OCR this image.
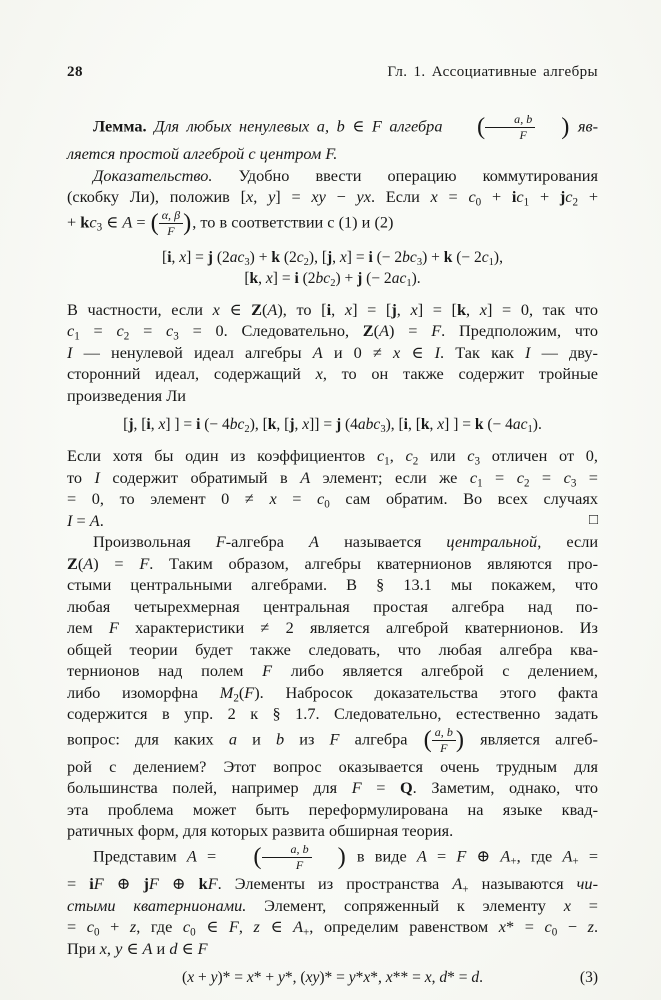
28	Гл. 1. Ассоциативные алгебры
Лемма. Для любых ненулевых a, b ∈ F алгебра	(	a, b
F	) яв-
ляется простой алгеброй с центром F.
Доказательство. Удобно ввести операцию коммутирования
(скобку Ли), положив [x, y] = xy − yx. Если $x = c_0 + ic_1 + jc_2$ +
+ $kc_3$ ∈ A = ( α, β
F ) , то в соответствии с (1) и (2)
[i, x] = j $(2ac_3) + k$ $(2c_2)$, [j, x] = i (− $2bc_3) + k$ (− $2c_1$),
[k, x] = i $(2bc_2) + j$ (− $2ac_1$).
В частности, если x ∈ Z(A), то [i, x] = [j, x] = [k, x] = 0, так что
$c_1 = c_2 = c_3 = 0$. Следовательно, Z(A) = F. Предположим, что
I — ненулевой идеал алгебры A и 0 ≠ x ∈ I. Так как I — дву-
сторонний идеал, содержащий x, то он также содержит тройные
произведения Ли
[j, [i, x] ] = i (− $4bc_2$), [k, [j, x]] = j (4abc$_3$), [i, [k, x] ] = k (− $4ac_1$).
Если хотя бы один из коэффициентов $c_1$, $c_2$ или $c_3$ отличен от 0,
то I содержит обратимый в A элемент; если же $c_1 = c_2 = c_3$ =
= 0, то элемент $0 \ne x = c_0$ сам обратим. Во всех случаях
I = A.	□
Произвольная F-алгебра A называется центральной, если
Z(A) = F. Таким образом, алгебры кватернионов являются про-
стыми центральными алгебрами. В § 13.1 мы покажем, что
любая четырехмерная центральная простая алгебра над по-
лем F характеристики ≠ 2 является алгеброй кватернионов. Из
общей теории будет также следовать, что любая алгебра ква-
тернионов над полем F либо является алгеброй с делением,
либо изоморфна $M_2(F)$. Набросок доказательства этого факта
содержится в упр. 2 к § 1.7. Следовательно, естественно задать
вопрос: для каких a и b из F алгебра ( a, b
F ) является алгеб-
рой с делением? Этот вопрос оказывается очень трудным для
большинства полей, например для F = Q. Заметим, однако, что
эта проблема может быть переформулирована на языке квад-
ратичных форм, для которых развита обширная теория.
Представим A =	(	a, b
F	) в виде A = F ⊕ $A_+$, где $A_+$ =
= iF ⊕ jF ⊕ kF. Элементы из пространства $A_+$ называются чи-
стыми кватернионами. Элемент, сопряженный к элементу x =
= $c_0 + z$, где $c_0$ ∈ F, z ∈ $A_+$, определим равенством $x* = c_0 - z$.
При x, y ∈ A и d ∈ F
(x + y)* = x* + y*, (xy)* = y*x*, x** = x, d* = d.	(3)
